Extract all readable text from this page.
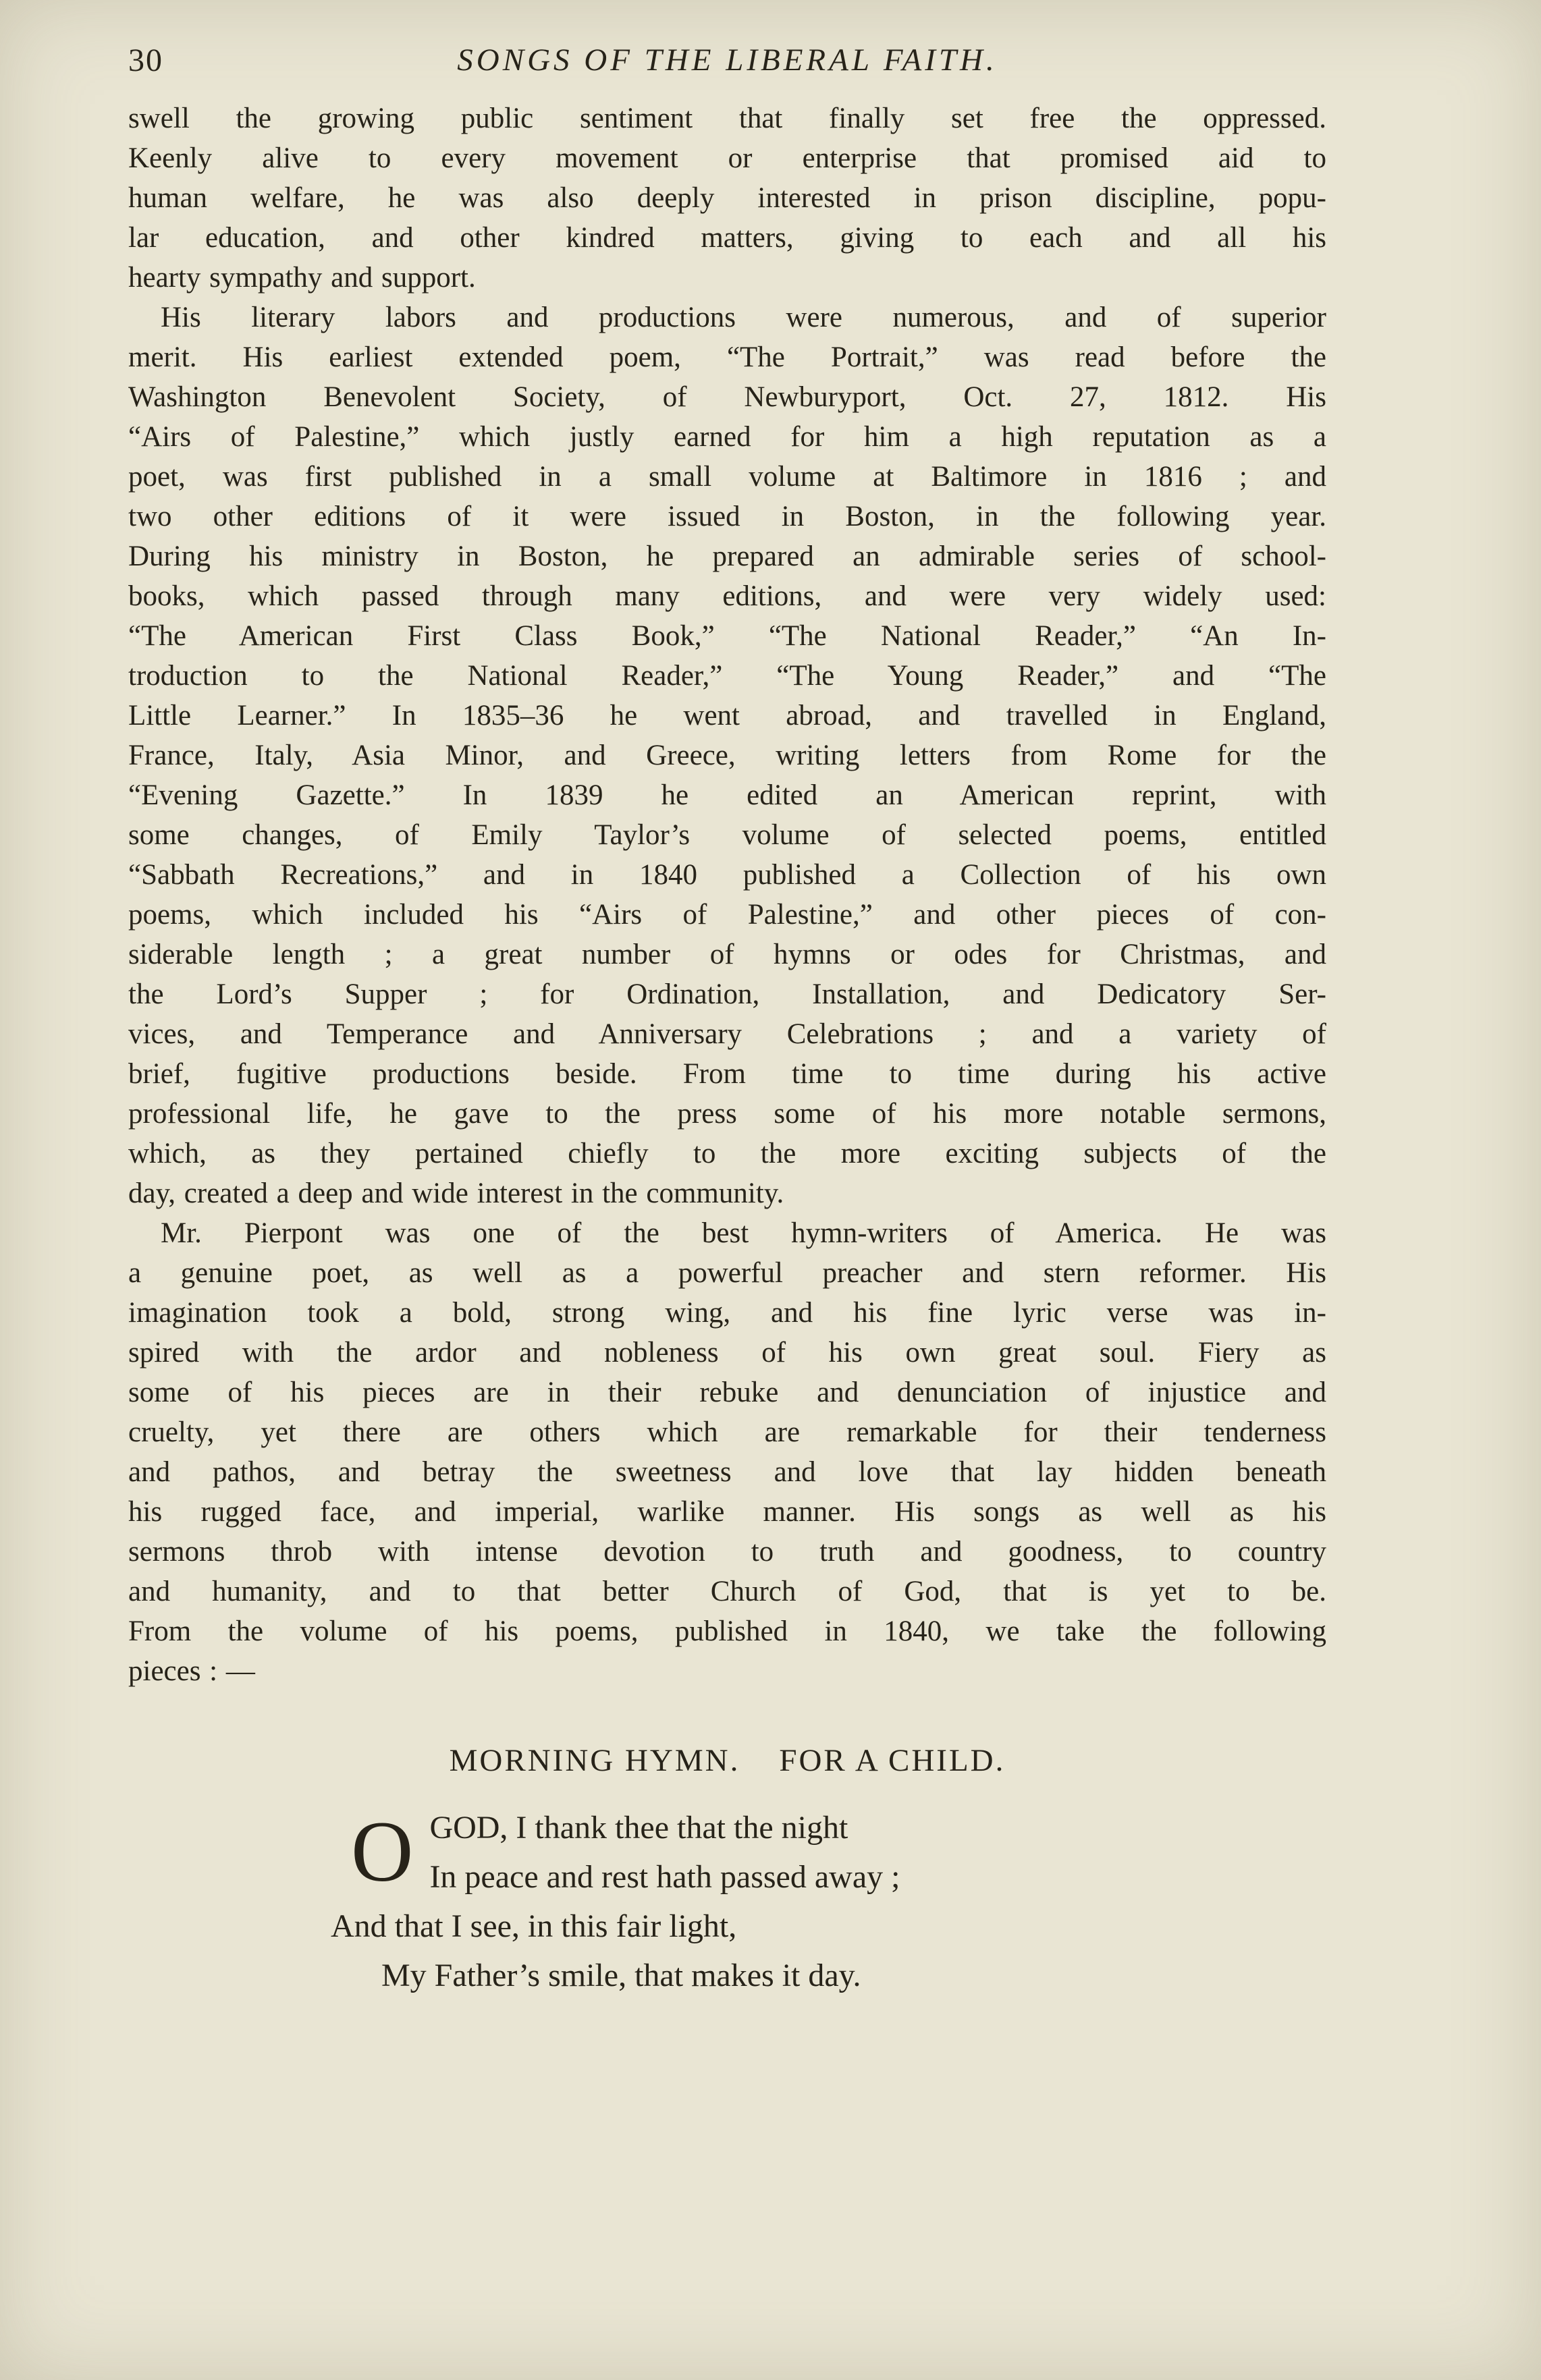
30	SONGS OF THE LIBERAL FAITH.
swell the growing public sentiment that finally set free the oppressed.
Keenly alive to every movement or enterprise that promised aid to
human welfare, he was also deeply interested in prison discipline, popu-
lar education, and other kindred matters, giving to each and all his
hearty sympathy and support.
His literary labors and productions were numerous, and of superior
merit. His earliest extended poem, “The Portrait,” was read before the
Washington Benevolent Society, of Newburyport, Oct. 27, 1812. His
“Airs of Palestine,” which justly earned for him a high reputation as a
poet, was first published in a small volume at Baltimore in 1816 ; and
two other editions of it were issued in Boston, in the following year.
During his ministry in Boston, he prepared an admirable series of school-
books, which passed through many editions, and were very widely used:
“The American First Class Book,” “The National Reader,” “An In-
troduction to the National Reader,” “The Young Reader,” and “The
Little Learner.” In 1835–36 he went abroad, and travelled in England,
France, Italy, Asia Minor, and Greece, writing letters from Rome for the
“Evening Gazette.” In 1839 he edited an American reprint, with
some changes, of Emily Taylor’s volume of selected poems, entitled
“Sabbath Recreations,” and in 1840 published a Collection of his own
poems, which included his “Airs of Palestine,” and other pieces of con-
siderable length ; a great number of hymns or odes for Christmas, and
the Lord’s Supper ; for Ordination, Installation, and Dedicatory Ser-
vices, and Temperance and Anniversary Celebrations ; and a variety of
brief, fugitive productions beside. From time to time during his active
professional life, he gave to the press some of his more notable sermons,
which, as they pertained chiefly to the more exciting subjects of the
day, created a deep and wide interest in the community.
Mr. Pierpont was one of the best hymn-writers of America. He was
a genuine poet, as well as a powerful preacher and stern reformer. His
imagination took a bold, strong wing, and his fine lyric verse was in-
spired with the ardor and nobleness of his own great soul. Fiery as
some of his pieces are in their rebuke and denunciation of injustice and
cruelty, yet there are others which are remarkable for their tenderness
and pathos, and betray the sweetness and love that lay hidden beneath
his rugged face, and imperial, warlike manner. His songs as well as his
sermons throb with intense devotion to truth and goodness, to country
and humanity, and to that better Church of God, that is yet to be.
From the volume of his poems, published in 1840, we take the following
pieces : —
MORNING HYMN. FOR A CHILD.
O GOD, I thank thee that the night
In peace and rest hath passed away ;
And that I see, in this fair light,
My Father’s smile, that makes it day.
